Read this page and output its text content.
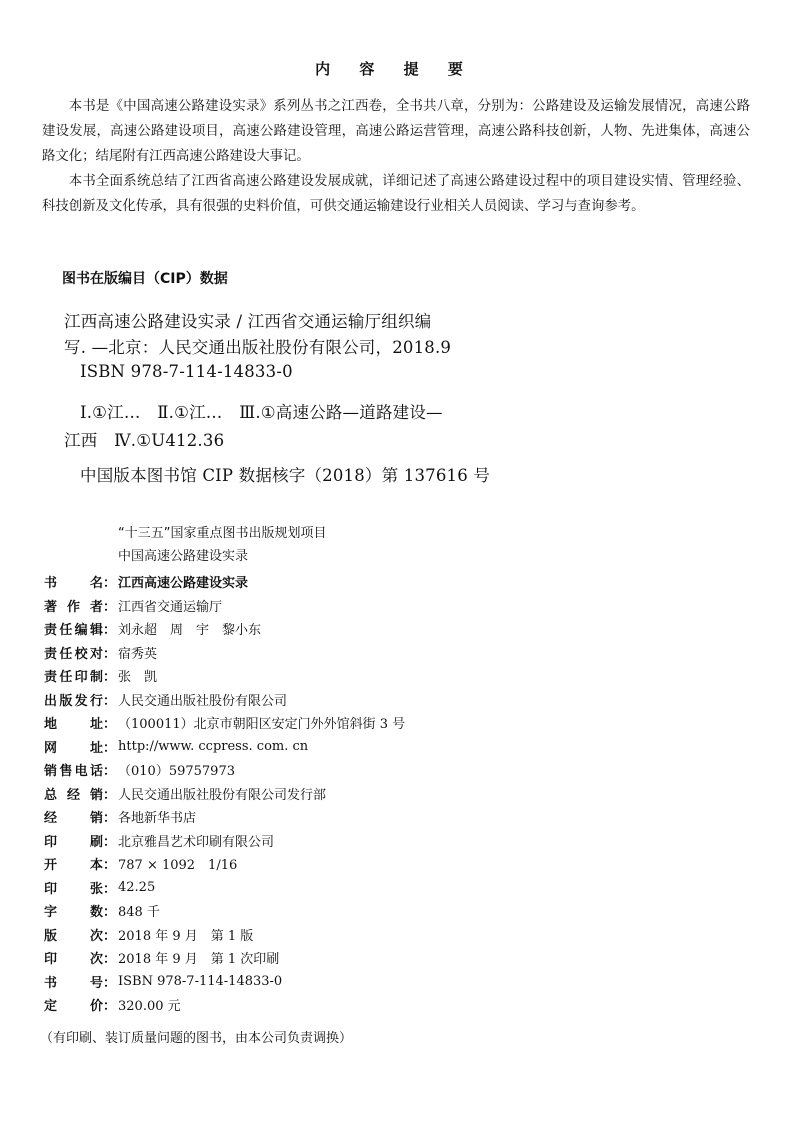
内 容 提 要

本书是《中国高速公路建设实录》系列丛书之江西卷，全书共八章，分别为：公路建设及运输发展情况，高速公路建设发展，高速公路建设项目，高速公路建设管理，高速公路运营管理，高速公路科技创新，人物、先进集体，高速公路文化；结尾附有江西高速公路建设大事记。

本书全面系统总结了江西省高速公路建设发展成就，详细记述了高速公路建设过程中的项目建设实情、管理经验、科技创新及文化传承，具有很强的史料价值，可供交通运输建设行业相关人员阅读、学习与查询参考。

图书在版编目（CIP）数据
江西高速公路建设实录 / 江西省交通运输厅组织编
写. —北京：人民交通出版社股份有限公司，2018.9
ISBN 978-7-114-14833-0
Ⅰ.①江…　Ⅱ.①江…　Ⅲ.①高速公路—道路建设—
江西　Ⅳ.①U412.36
中国版本图书馆 CIP 数据核字（2018）第 137616 号
“十三五”国家重点图书出版规划项目
中国高速公路建设实录
书	名 ： 江西高速公路建设实录
著 作 者 ： 江西省交通运输厅
责 任 编 辑 ： 刘永超　周　宇　黎小东
责 任 校 对 ： 宿秀英
责 任 印 制 ： 张　凯
出 版 发 行 ： 人民交通出版社股份有限公司
地	址 ： （100011）北京市朝阳区安定门外外馆斜街 3 号
网	址 ： http://www. ccpress. com. cn
销 售 电 话 ： （010）59757973
总 经 销 ： 人民交通出版社股份有限公司发行部
经	销 ： 各地新华书店
印	刷 ： 北京雅昌艺术印刷有限公司
开	本 ： 787 × 1092　1/16
印	张 ： 42.25
字	数 ： 848 千
版	次 ： 2018 年 9 月　第 1 版
印	次 ： 2018 年 9 月　第 1 次印刷
书	号 ： ISBN 978-7-114-14833-0
定	价 ： 320.00 元
（有印刷、装订质量问题的图书，由本公司负责调换）
